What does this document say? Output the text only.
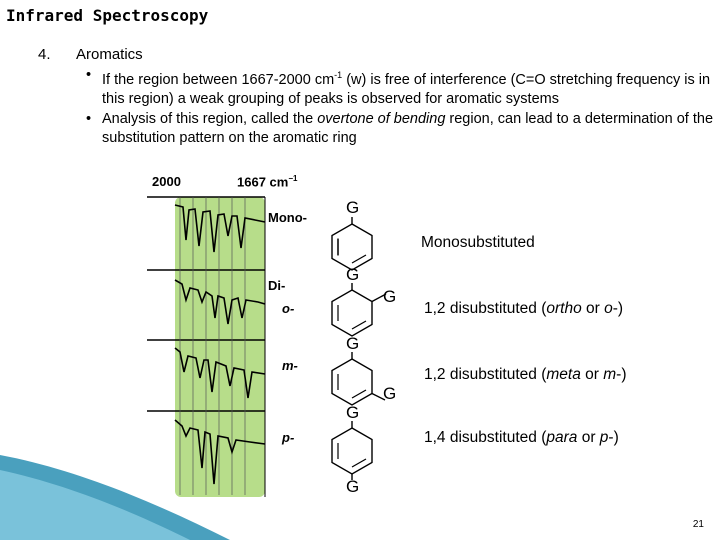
Infrared Spectroscopy
4. Aromatics
• If the region between 1667-2000 $cm^{-1}$ (w) is free of interference (C=O stretching frequency is in this region) a weak grouping of peaks is observed for aromatic systems
• Analysis of this region, called the overtone of bending region, can lead to a determination of the substitution pattern on the aromatic ring
2000	1667 $cm^{-1}$
Mono-
Di-
o-
m-
p-
G
G
G
G
G
G
G
Monosubstituted
1,2 disubstituted (ortho or o-)
1,2 disubstituted (meta or m-)
1,4 disubstituted (para or p-)
21
